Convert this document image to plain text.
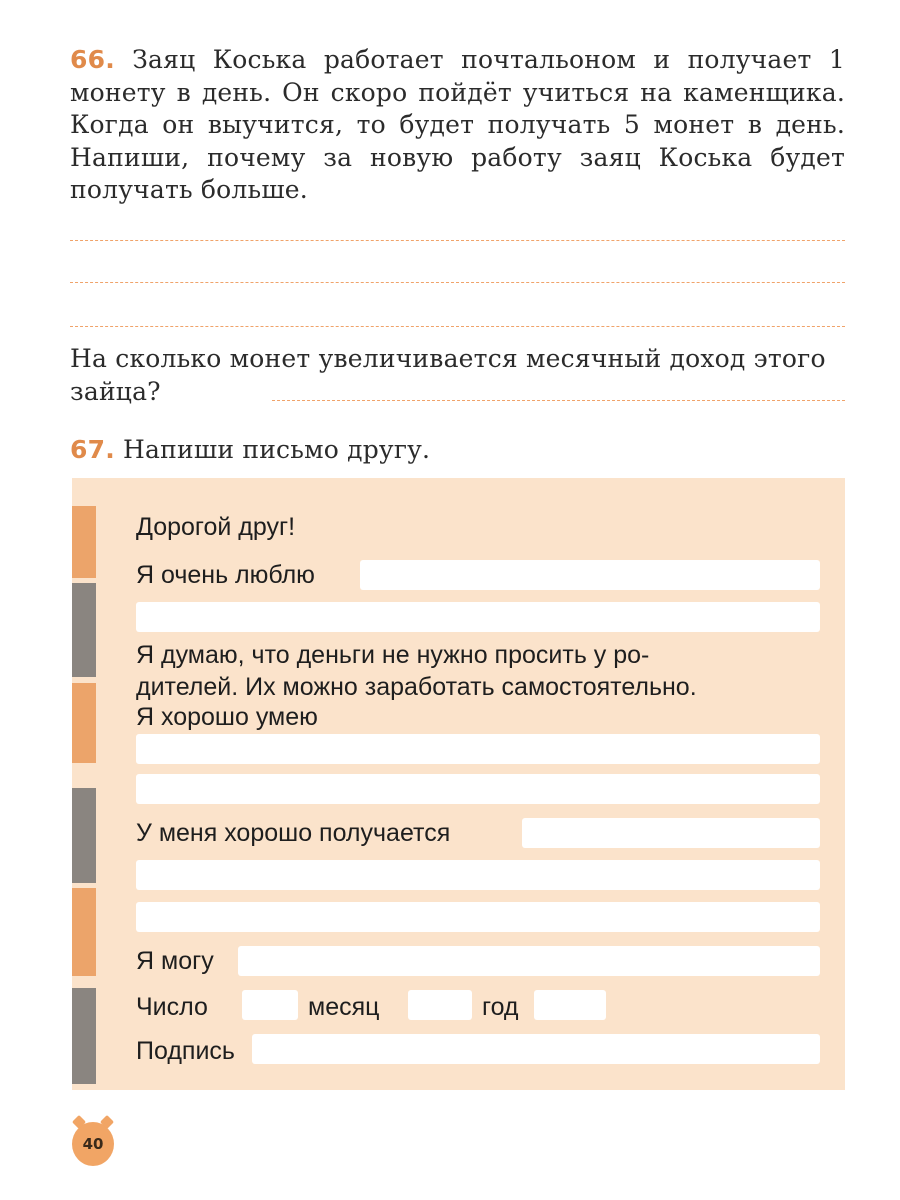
66. Заяц Коська работает почтальоном и получает 1 монету в день. Он скоро пойдёт учиться на каменщика. Когда он выучится, то будет получать 5 монет в день. Напиши, почему за новую работу заяц Коська будет получать больше.

На сколько монет увеличивается месячный доход этого зайца?

67. Напиши письмо другу.

Дорогой друг!
Я очень люблю
Я думаю, что деньги не нужно просить у ро-
дителей. Их можно заработать самостоятельно.
Я хорошо умею
У меня хорошо получается
Я могу
Число	месяц	год
Подпись
40
